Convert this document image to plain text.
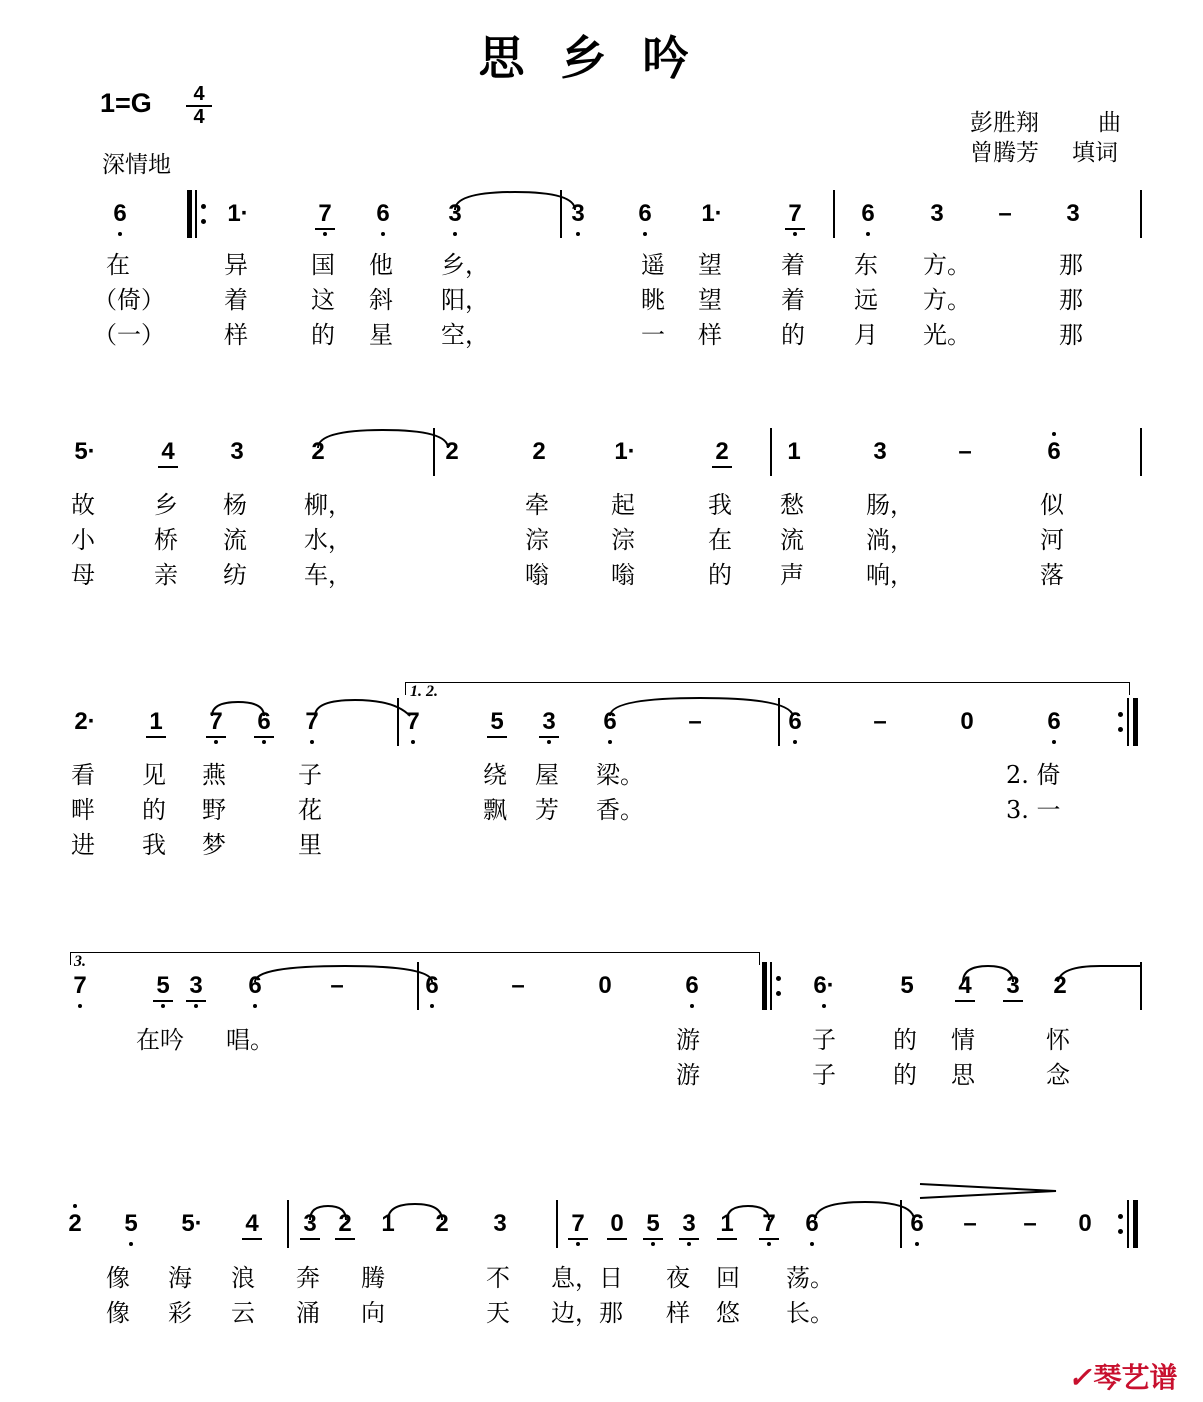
思乡吟
1=G	4
4
深情地
彭胜翔	曲
曾腾芳 填词
6	1·	7 6 3	3 6 1·	7 6 3 – 3
在	异	国 他 乡，	遥 望 着 东 方。	那
（倚） 着	这 斜 阳，	眺 望 着 远 方。	那
（一） 样	的 星 空，	一 样 的 月 光。	那
5·	4 3	2	2	2	1·	2 1	3	–	6
故 乡 杨 柳，	牵	起	我 愁	肠，	似
小 桥 流 水，	淙	淙	在 流	淌，	河
母 亲 纺 车，	嗡	嗡	的 声	响，	落
2· 1 7 6 7	7	5 3 6	–	6	–	0	6
1. 2.
看 见 燕	子	绕 屋 梁。	2. 倚
畔 的 野	花	飘 芳 香。	3. 一
进 我 梦	里
7	5 3 6	–	6	–	0	6	6·	5 4 3 2
3.
在吟 唱。	游	子 的 情	怀
游	子 的 思	念
2 5 5· 4 3 2 1 2 3	7 0 5 3 1 7 6	6 – – 0
像 海 浪 奔 腾	不 息，日 夜 回 荡。
像 彩 云 涌 向	天 边，那 样 悠 长。
✓琴艺谱
